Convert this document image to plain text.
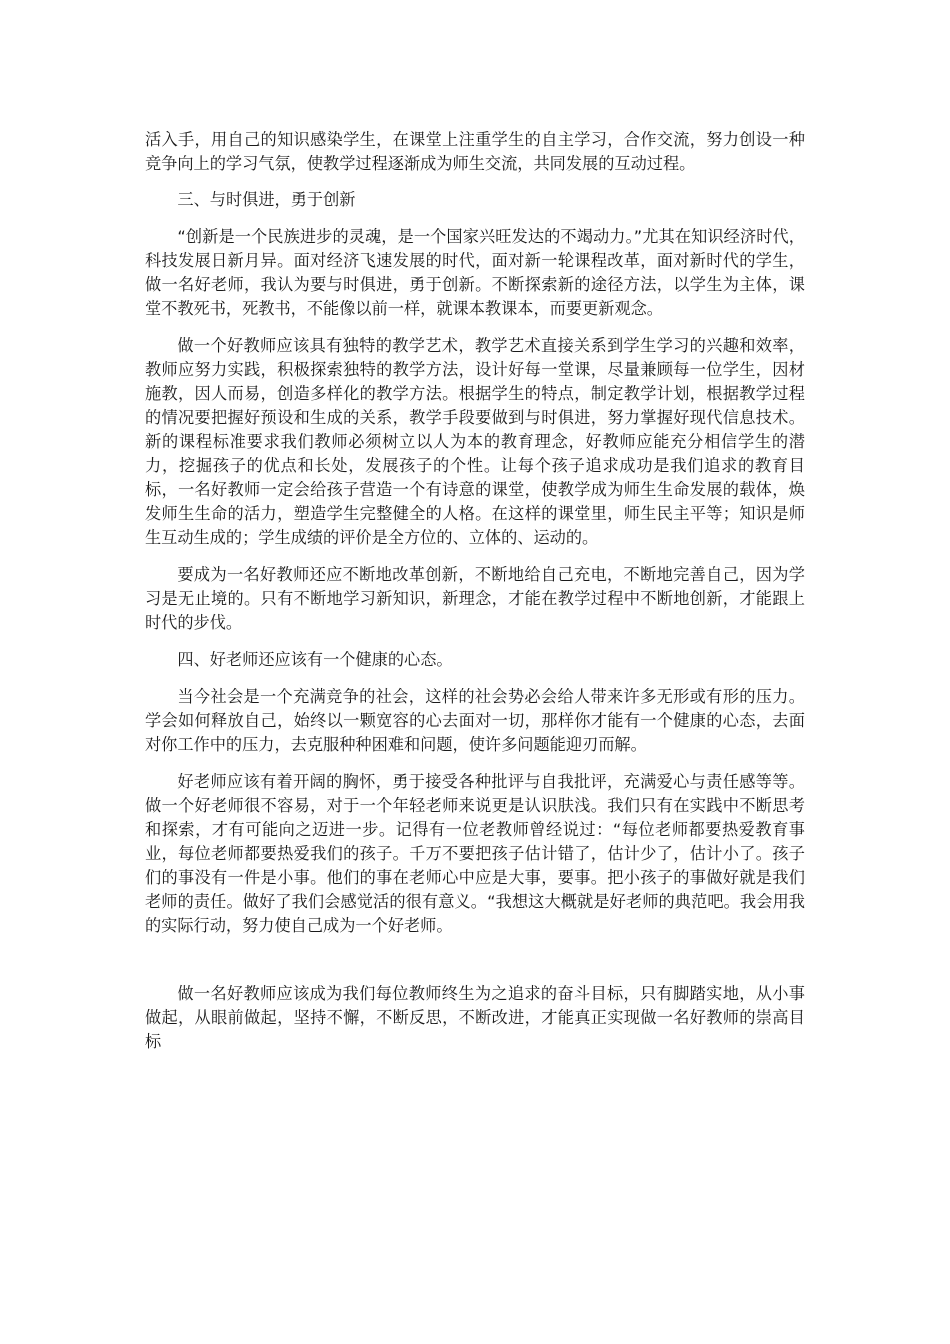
活入手，用自己的知识感染学生，在课堂上注重学生的自主学习，合作交流，努力创设一种竞争向上的学习气氛，使教学过程逐渐成为师生交流，共同发展的互动过程。

三、与时俱进，勇于创新

“创新是一个民族进步的灵魂，是一个国家兴旺发达的不竭动力。”尤其在知识经济时代，科技发展日新月异。面对经济飞速发展的时代，面对新一轮课程改革，面对新时代的学生，做一名好老师，我认为要与时俱进，勇于创新。不断探索新的途径方法，以学生为主体，课堂不教死书，死教书，不能像以前一样，就课本教课本，而要更新观念。

做一个好教师应该具有独特的教学艺术，教学艺术直接关系到学生学习的兴趣和效率，教师应努力实践，积极探索独特的教学方法，设计好每一堂课，尽量兼顾每一位学生，因材施教，因人而易，创造多样化的教学方法。根据学生的特点，制定教学计划，根据教学过程的情况要把握好预设和生成的关系，教学手段要做到与时俱进，努力掌握好现代信息技术。新的课程标准要求我们教师必须树立以人为本的教育理念，好教师应能充分相信学生的潜力，挖掘孩子的优点和长处，发展孩子的个性。让每个孩子追求成功是我们追求的教育目标，一名好教师一定会给孩子营造一个有诗意的课堂，使教学成为师生生命发展的载体，焕发师生生命的活力，塑造学生完整健全的人格。在这样的课堂里，师生民主平等；知识是师生互动生成的；学生成绩的评价是全方位的、立体的、运动的。

要成为一名好教师还应不断地改革创新，不断地给自己充电，不断地完善自己，因为学习是无止境的。只有不断地学习新知识，新理念，才能在教学过程中不断地创新，才能跟上时代的步伐。

四、好老师还应该有一个健康的心态。

当今社会是一个充满竞争的社会，这样的社会势必会给人带来许多无形或有形的压力。学会如何释放自己，始终以一颗宽容的心去面对一切，那样你才能有一个健康的心态，去面对你工作中的压力，去克服种种困难和问题，使许多问题能迎刃而解。

好老师应该有着开阔的胸怀，勇于接受各种批评与自我批评，充满爱心与责任感等等。做一个好老师很不容易，对于一个年轻老师来说更是认识肤浅。我们只有在实践中不断思考和探索，才有可能向之迈进一步。记得有一位老教师曾经说过：“每位老师都要热爱教育事业，每位老师都要热爱我们的孩子。千万不要把孩子估计错了，估计少了，估计小了。孩子们的事没有一件是小事。他们的事在老师心中应是大事，要事。把小孩子的事做好就是我们老师的责任。做好了我们会感觉活的很有意义。“我想这大概就是好老师的典范吧。我会用我的实际行动，努力使自己成为一个好老师。

做一名好教师应该成为我们每位教师终生为之追求的奋斗目标，只有脚踏实地，从小事做起，从眼前做起，坚持不懈，不断反思，不断改进，才能真正实现做一名好教师的崇高目标
